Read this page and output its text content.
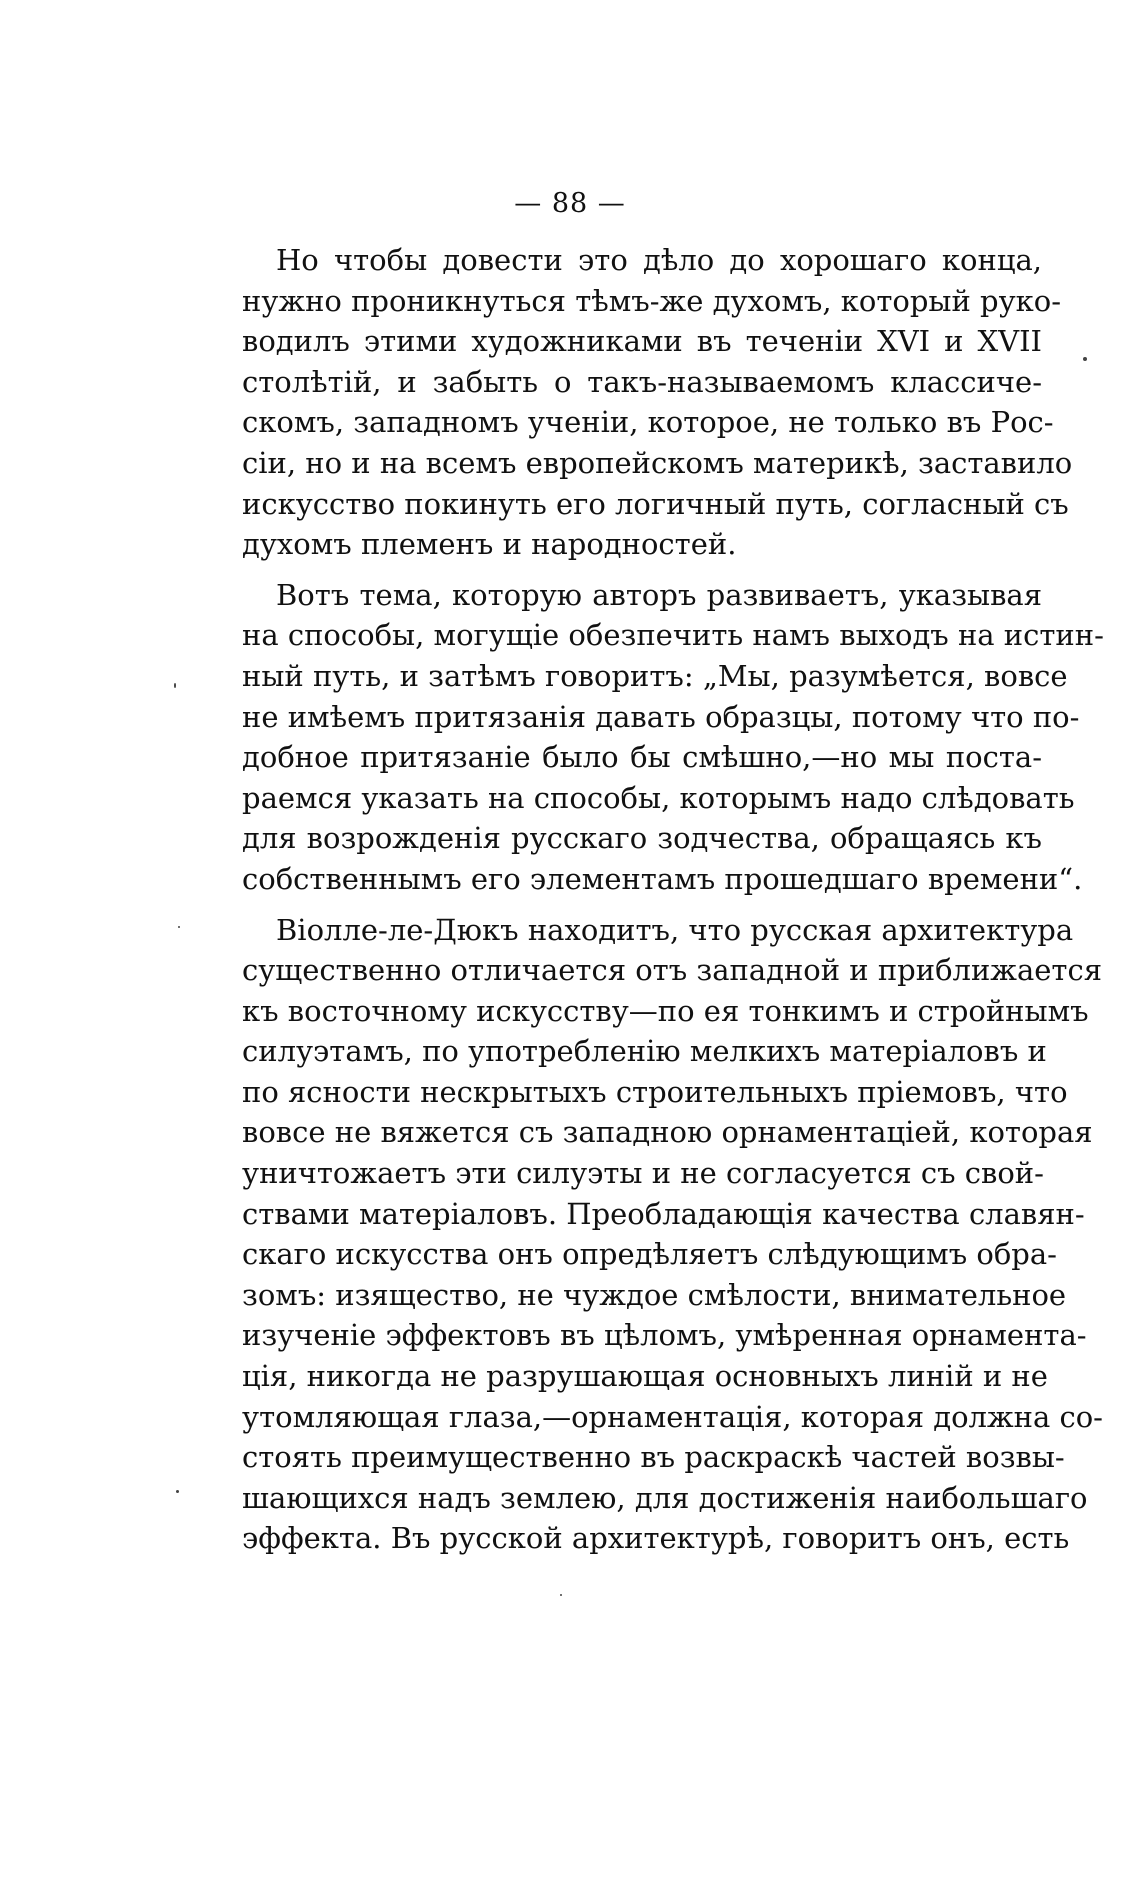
— 88 —
Но чтобы довести это дѣло до хорошаго конца,
нужно проникнуться тѣмъ-же духомъ, который руко-
водилъ этими художниками въ теченіи XVI и XVII
столѣтій, и забыть о такъ-называемомъ классиче-
скомъ, западномъ ученіи, которое, не только въ Рос-
сіи, но и на всемъ европейскомъ материкѣ, заставило
искусство покинуть его логичный путь, согласный съ
духомъ племенъ и народностей.
Вотъ тема, которую авторъ развиваетъ, указывая
на способы, могущіе обезпечить намъ выходъ на истин-
ный путь, и затѣмъ говоритъ: „Мы, разумѣется, вовсе
не имѣемъ притязанія давать образцы, потому что по-
добное притязаніе было бы смѣшно,—но мы поста-
раемся указать на способы, которымъ надо слѣдовать
для возрожденія русскаго зодчества, обращаясь къ
собственнымъ его элементамъ прошедшаго времени“.
Віолле-ле-Дюкъ находитъ, что русская архитектура
существенно отличается отъ западной и приближается
къ восточному искусству—по ея тонкимъ и стройнымъ
силуэтамъ, по употребленію мелкихъ матеріаловъ и
по ясности нескрытыхъ строительныхъ пріемовъ, что
вовсе не вяжется съ западною орнаментаціей, которая
уничтожаетъ эти силуэты и не согласуется съ свой-
ствами матеріаловъ. Преобладающія качества славян-
скаго искусства онъ опредѣляетъ слѣдующимъ обра-
зомъ: изящество, не чуждое смѣлости, внимательное
изученіе эффектовъ въ цѣломъ, умѣренная орнамента-
ція, никогда не разрушающая основныхъ линій и не
утомляющая глаза,—орнаментація, которая должна со-
стоять преимущественно въ раскраскѣ частей возвы-
шающихся надъ землею, для достиженія наибольшаго
эффекта. Въ русской архитектурѣ, говоритъ онъ, есть
